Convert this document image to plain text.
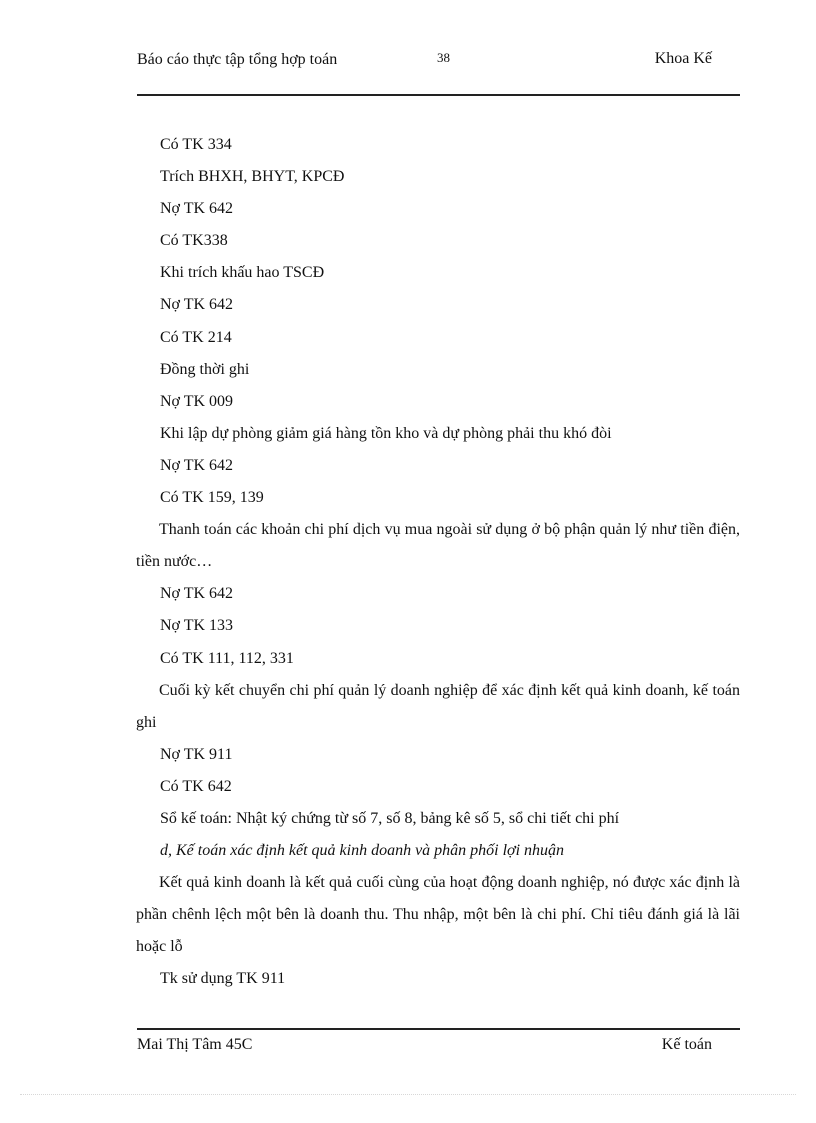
Báo cáo thực tập tổng hợp toán	38	Khoa Kế
Có TK 334
Trích BHXH, BHYT, KPCĐ
Nợ TK 642
Có TK338
Khi trích khấu hao TSCĐ
Nợ TK 642
Có TK 214
Đồng thời ghi
Nợ TK 009
Khi lập dự phòng giảm giá hàng tồn kho và dự phòng phải thu khó đòi
Nợ TK 642
Có TK 159, 139
Thanh toán các khoản chi phí dịch vụ mua ngoài sử dụng ở bộ phận quản lý như tiền điện, tiền nước…
Nợ TK 642
Nợ TK 133
Có TK 111, 112, 331
Cuối kỳ kết chuyển chi phí quản lý doanh nghiệp để xác định kết quả kinh doanh, kế toán ghi
Nợ TK 911
Có TK 642
Sổ kế toán: Nhật ký chứng từ số 7, số 8, bảng kê số 5, sổ chi tiết chi phí
d, Kế toán xác định kết quả kinh doanh và phân phối lợi nhuận
Kết quả kinh doanh là kết quả cuối cùng của hoạt động doanh nghiệp, nó được xác định là phần chênh lệch một bên là doanh thu. Thu nhập, một bên là chi phí. Chỉ tiêu đánh giá là lãi hoặc lỗ
Tk sử dụng TK 911
Mai Thị Tâm 45C	Kế toán
